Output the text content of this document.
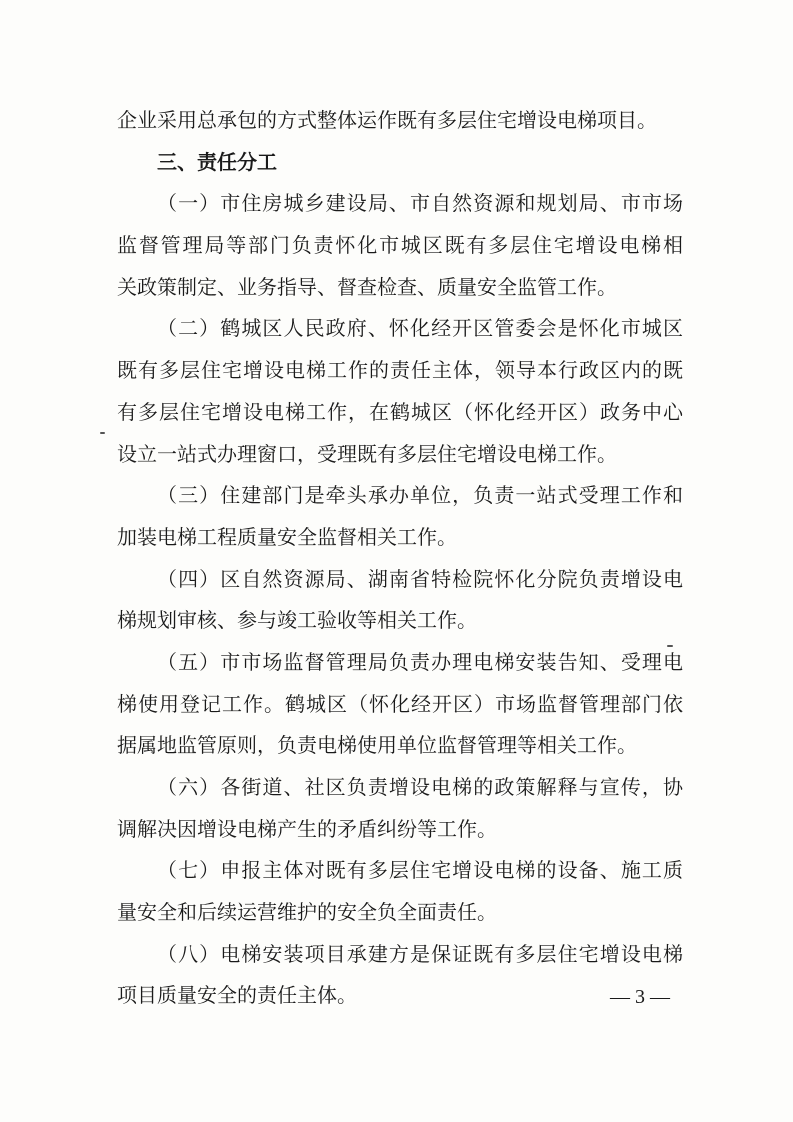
企业采用总承包的方式整体运作既有多层住宅增设电梯项目。
三、责任分工
（一）市住房城乡建设局、市自然资源和规划局、市市场
监督管理局等部门负责怀化市城区既有多层住宅增设电梯相
关政策制定、业务指导、督查检查、质量安全监管工作。
（二）鹤城区人民政府、怀化经开区管委会是怀化市城区
既有多层住宅增设电梯工作的责任主体，领导本行政区内的既
有多层住宅增设电梯工作，在鹤城区（怀化经开区）政务中心
设立一站式办理窗口，受理既有多层住宅增设电梯工作。
（三）住建部门是牵头承办单位，负责一站式受理工作和
加装电梯工程质量安全监督相关工作。
（四）区自然资源局、湖南省特检院怀化分院负责增设电
梯规划审核、参与竣工验收等相关工作。
（五）市市场监督管理局负责办理电梯安装告知、受理电
梯使用登记工作。鹤城区（怀化经开区）市场监督管理部门依
据属地监管原则，负责电梯使用单位监督管理等相关工作。
（六）各街道、社区负责增设电梯的政策解释与宣传，协
调解决因增设电梯产生的矛盾纠纷等工作。
（七）申报主体对既有多层住宅增设电梯的设备、施工质
量安全和后续运营维护的安全负全面责任。
（八）电梯安装项目承建方是保证既有多层住宅增设电梯
项目质量安全的责任主体。	— 3 —
